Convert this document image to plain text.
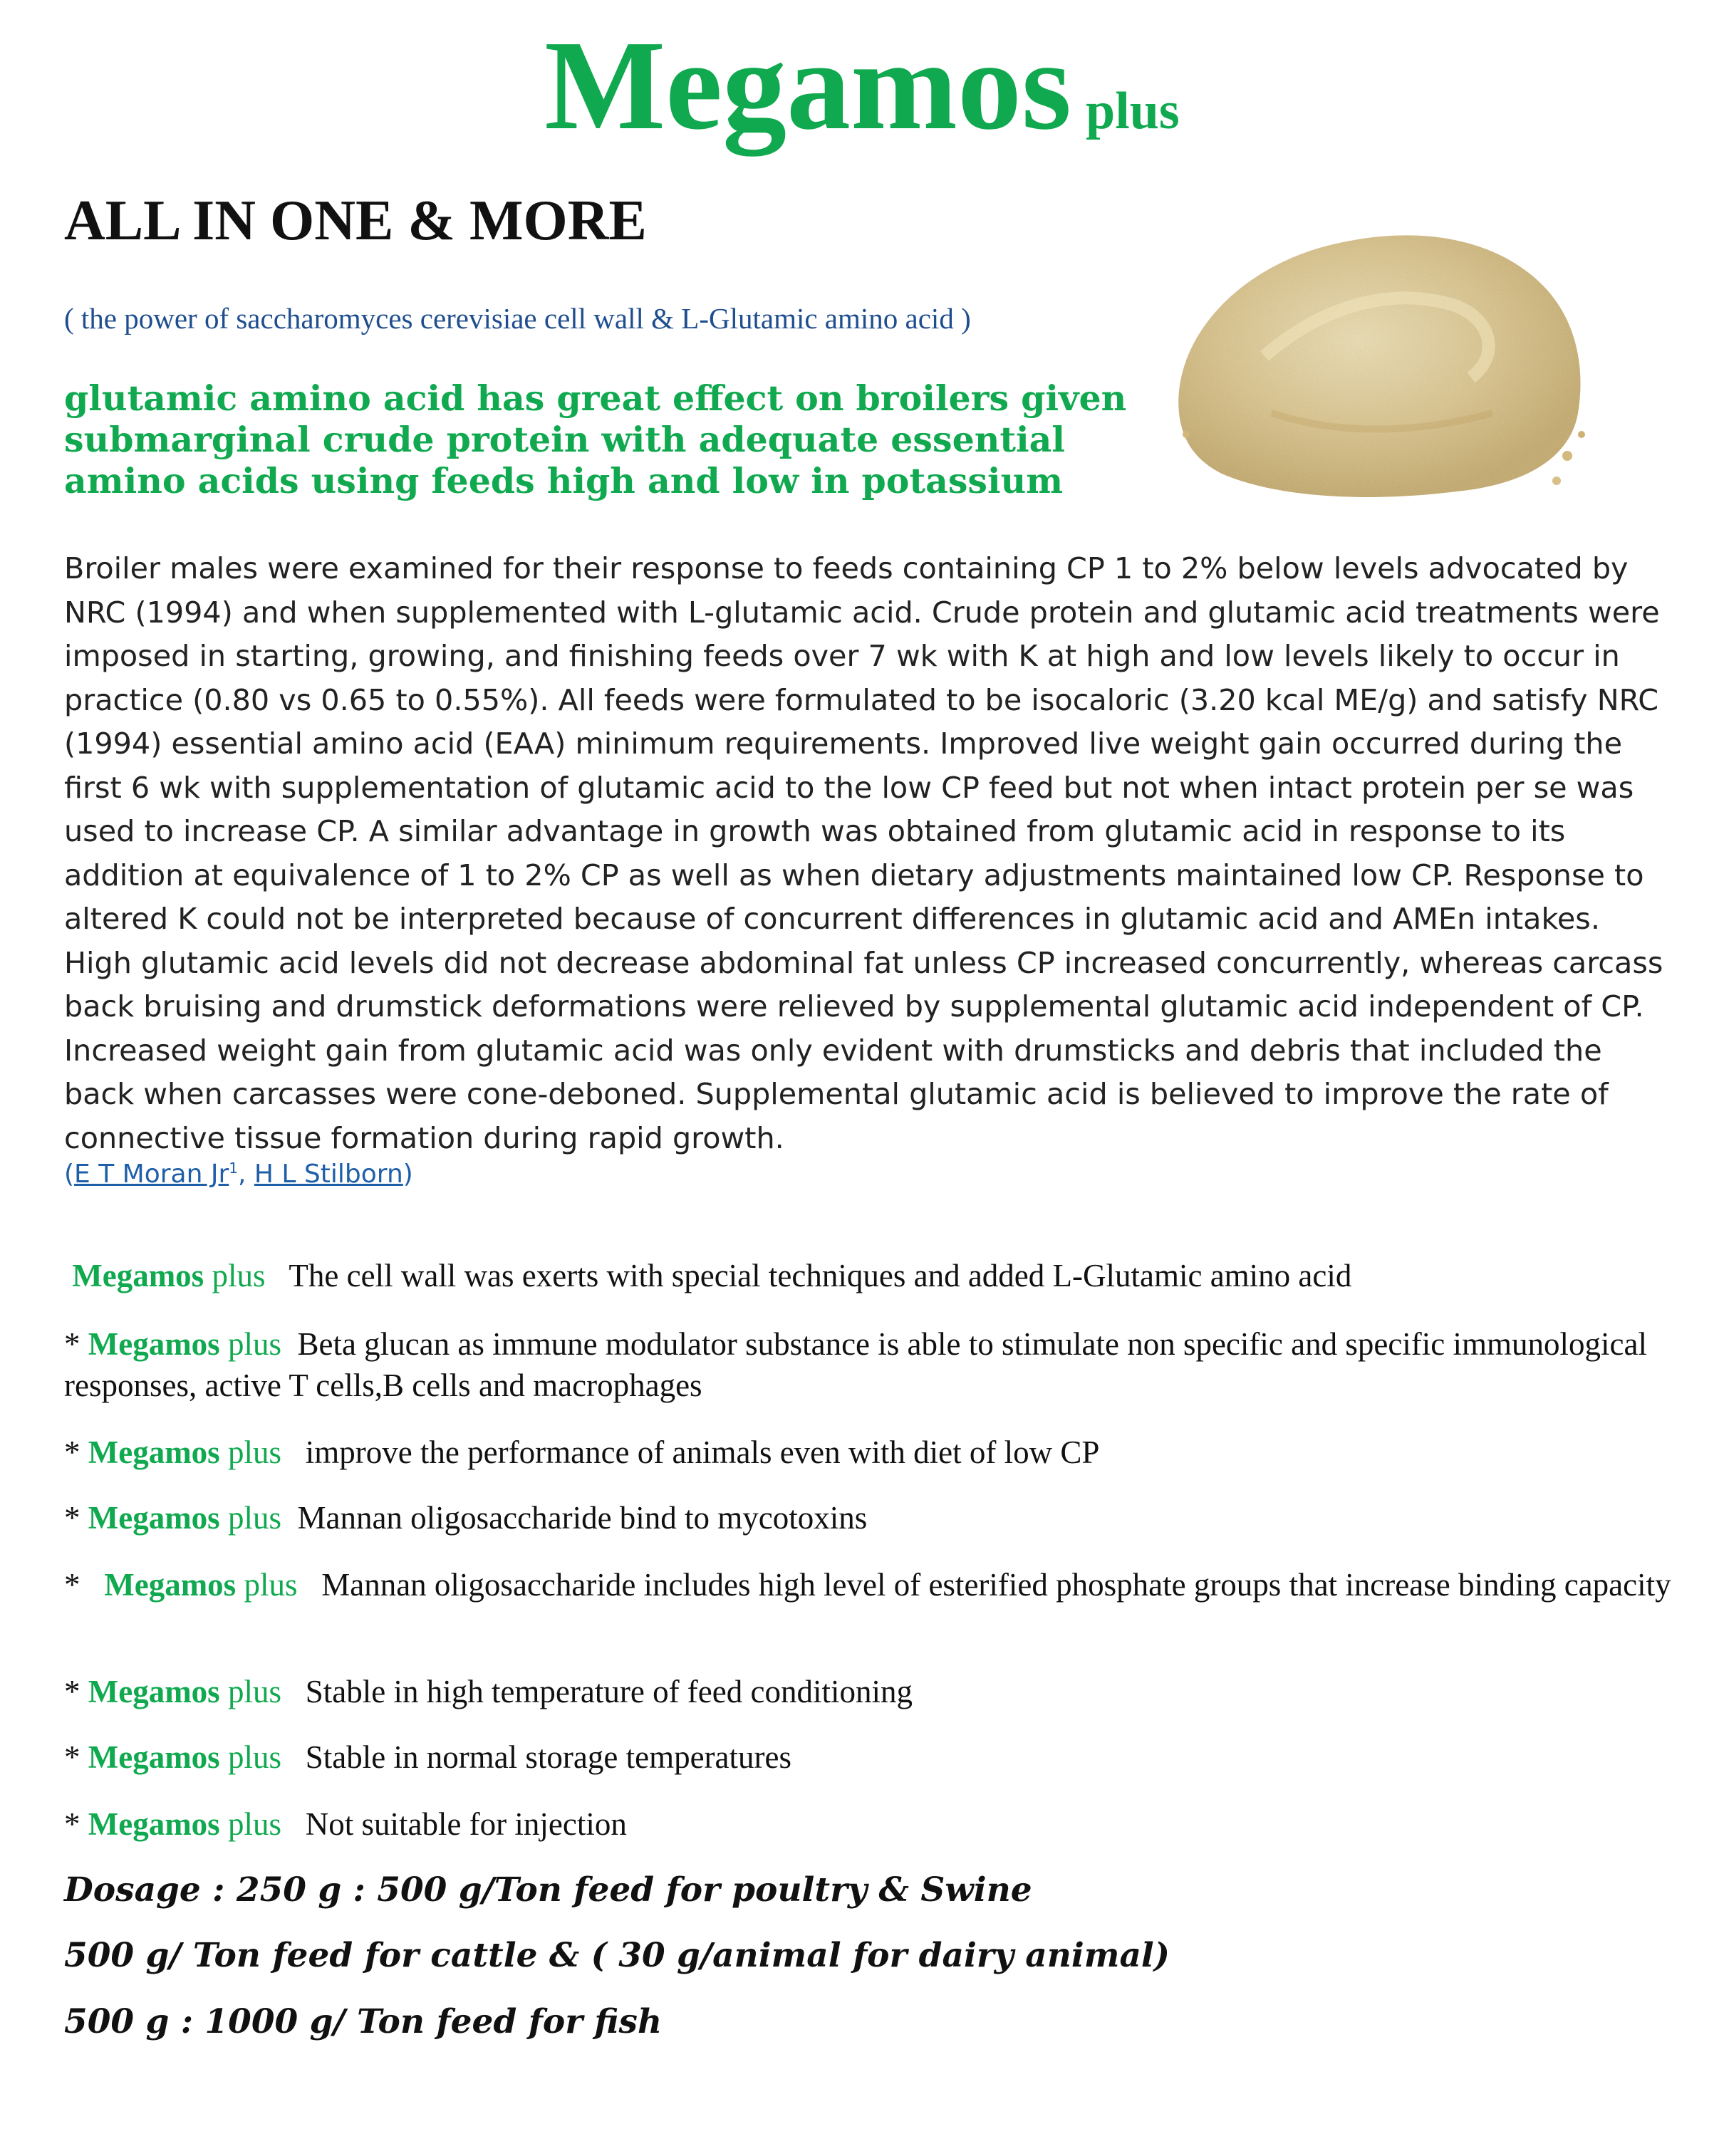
Megamos plus
ALL IN ONE & MORE
( the power of saccharomyces cerevisiae cell wall & L-Glutamic amino acid )
glutamic amino acid has great effect on broilers given submarginal crude protein with adequate essential amino acids using feeds high and low in potassium
Broiler males were examined for their response to feeds containing CP 1 to 2% below levels advocated by NRC (1994) and when supplemented with L-glutamic acid. Crude protein and glutamic acid treatments were imposed in starting, growing, and finishing feeds over 7 wk with K at high and low levels likely to occur in practice (0.80 vs 0.65 to 0.55%). All feeds were formulated to be isocaloric (3.20 kcal ME/g) and satisfy NRC (1994) essential amino acid (EAA) minimum requirements. Improved live weight gain occurred during the first 6 wk with supplementation of glutamic acid to the low CP feed but not when intact protein per se was used to increase CP. A similar advantage in growth was obtained from glutamic acid in response to its addition at equivalence of 1 to 2% CP as well as when dietary adjustments maintained low CP. Response to altered K could not be interpreted because of concurrent differences in glutamic acid and AMEn intakes. High glutamic acid levels did not decrease abdominal fat unless CP increased concurrently, whereas carcass back bruising and drumstick deformations were relieved by supplemental glutamic acid independent of CP. Increased weight gain from glutamic acid was only evident with drumsticks and debris that included the back when carcasses were cone-deboned. Supplemental glutamic acid is believed to improve the rate of connective tissue formation during rapid growth.
(E T Moran Jr$^1$, H L Stilborn)
Megamos plus The cell wall was exerts with special techniques and added L-Glutamic amino acid
* Megamos plus Beta glucan as immune modulator substance is able to stimulate non specific and specific immunological responses, active T cells,B cells and macrophages
* Megamos plus improve the performance of animals even with diet of low CP
* Megamos plus Mannan oligosaccharide bind to mycotoxins
* Megamos plus Mannan oligosaccharide includes high level of esterified phosphate groups that increase binding capacity
* Megamos plus Stable in high temperature of feed conditioning
* Megamos plus Stable in normal storage temperatures
* Megamos plus Not suitable for injection
Dosage : 250 g : 500 g/Ton feed for poultry & Swine
500 g/ Ton feed for cattle & ( 30 g/animal for dairy animal)
500 g : 1000 g/ Ton feed for fish
